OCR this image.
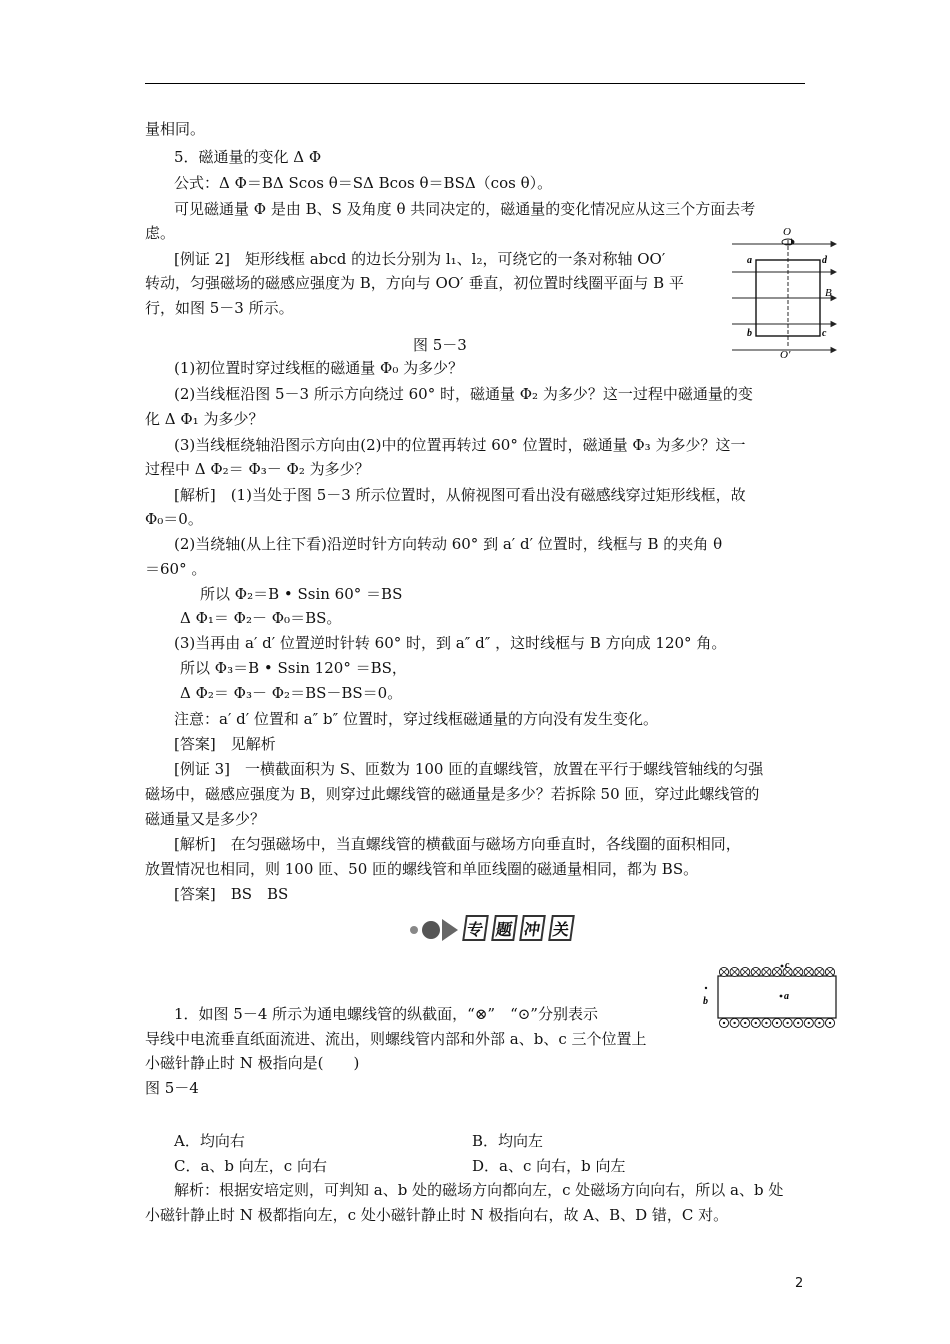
量相同。
5．磁通量的变化 Δ Φ
公式：Δ Φ＝BΔ Scos θ＝SΔ Bcos θ＝BSΔ（cos θ）。
可见磁通量 Φ 是由 B、S 及角度 θ 共同决定的，磁通量的变化情况应从这三个方面去考
虑。
[例证 2]　矩形线框 abcd 的边长分别为 l₁、l₂，可绕它的一条对称轴 OO′
转动，匀强磁场的磁感应强度为 B，方向与 OO′ 垂直，初位置时线圈平面与 B 平
行，如图 5－3 所示。
图 5－3
(1)初位置时穿过线框的磁通量 Φ₀ 为多少？
(2)当线框沿图 5－3 所示方向绕过 60° 时，磁通量 Φ₂ 为多少？这一过程中磁通量的变
化 Δ Φ₁ 为多少？
(3)当线框绕轴沿图示方向由(2)中的位置再转过 60° 位置时，磁通量 Φ₃ 为多少？这一
过程中 Δ Φ₂＝ Φ₃－ Φ₂ 为多少？
[解析]　(1)当处于图 5－3 所示位置时，从俯视图可看出没有磁感线穿过矩形线框，故
Φ₀＝0。
(2)当绕轴(从上往下看)沿逆时针方向转动 60° 到 a′ d′ 位置时，线框与 B 的夹角 θ
＝60° 。
所以 Φ₂＝B • Ssin 60° ＝BS
Δ Φ₁＝ Φ₂－ Φ₀＝BS。
(3)当再由 a′ d′ 位置逆时针转 60° 时，到 a″ d″ ，这时线框与 B 方向成 120° 角。
所以 Φ₃＝B • Ssin 120° ＝BS，
Δ Φ₂＝ Φ₃－ Φ₂＝BS－BS＝0。
注意：a′ d′ 位置和 a″ b″ 位置时，穿过线框磁通量的方向没有发生变化。
[答案]　见解析
[例证 3]　一横截面积为 S、匝数为 100 匝的直螺线管，放置在平行于螺线管轴线的匀强
磁场中，磁感应强度为 B，则穿过此螺线管的磁通量是多少？若拆除 50 匝，穿过此螺线管的
磁通量又是多少？
[解析]　在匀强磁场中，当直螺线管的横截面与磁场方向垂直时，各线圈的面积相同，
放置情况也相同，则 100 匝、50 匝的螺线管和单匝线圈的磁通量相同，都为 BS。
[答案]　BS　BS
专 题 冲 关
1．如图 5－4 所示为通电螺线管的纵截面，“⊗”　“⊙”分别表示
导线中电流垂直纸面流进、流出，则螺线管内部和外部 a、b、c 三个位置上
小磁针静止时 N 极指向是(　　)
图 5－4
A．均向右	B．均向左
C．a、b 向左，c 向右	D．a、c 向右，b 向左
解析：根据安培定则，可判知 a、b 处的磁场方向都向左，c 处磁场方向向右，所以 a、b 处
小磁针静止时 N 极都指向左，c 处小磁针静止时 N 极指向右，故 A、B、D 错，C 对。
O
O′
a	d
b	c
B
c
a
b
2
